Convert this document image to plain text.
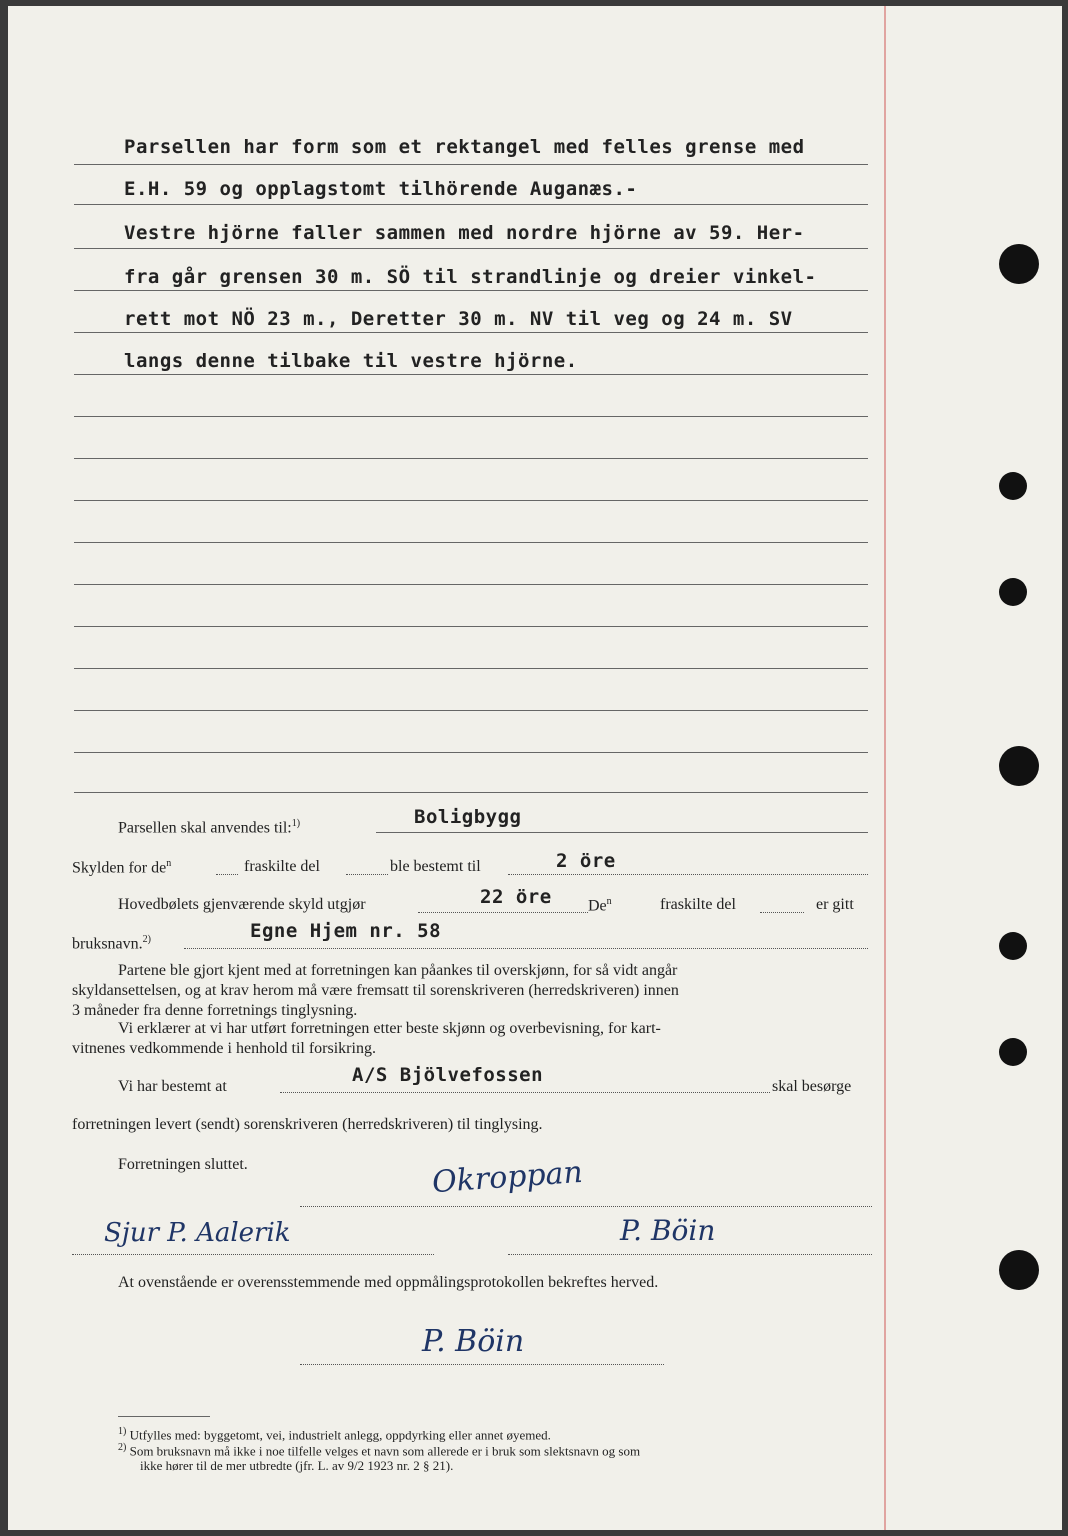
Parsellen har form som et rektangel med felles grense med
E.H. 59 og opplagstomt tilhörende Auganæs.-
Vestre hjörne faller sammen med nordre hjörne av 59. Her-
fra går grensen 30 m. SÖ til strandlinje og dreier vinkel-
rett mot NÖ 23 m., Deretter 30 m. NV til veg og 24 m. SV
langs denne tilbake til vestre hjörne.
Parsellen skal anvendes til:$^{1)}$	Boligbygg
Skylden for $de^n$	fraskilte del	ble bestemt til	2 öre
Hovedbølets gjenværende skyld utgjør	22 öre De$^n$	fraskilte del	er gitt
bruksnavn.$^{2)}$	Egne Hjem nr. 58
Partene ble gjort kjent med at forretningen kan påankes til overskjønn, for så vidt angår
skyldansettelsen, og at krav herom må være fremsatt til sorenskriveren (herredskriveren) innen
3 måneder fra denne forretnings tinglysning.
Vi erklærer at vi har utført forretningen etter beste skjønn og overbevisning, for kart-
vitnenes vedkommende i henhold til forsikring.
Vi har bestemt at
A/S Bjölvefossen
skal besørge
forretningen levert (sendt) sorenskriveren (herredskriveren) til tinglysing.
Forretningen sluttet.	Okroppan
Sjur P. Aalerik	P. Böin
At ovenstående er overensstemmende med oppmålingsprotokollen bekreftes herved.
P. Böin
$^{1)}$ Utfylles med: byggetomt, vei, industrielt anlegg, oppdyrking eller annet øyemed.
$^{2)}$ Som bruksnavn må ikke i noe tilfelle velges et navn som allerede er i bruk som slektsnavn og som
ikke hører til de mer utbredte (jfr. L. av 9/2 1923 nr. 2 § 21).
